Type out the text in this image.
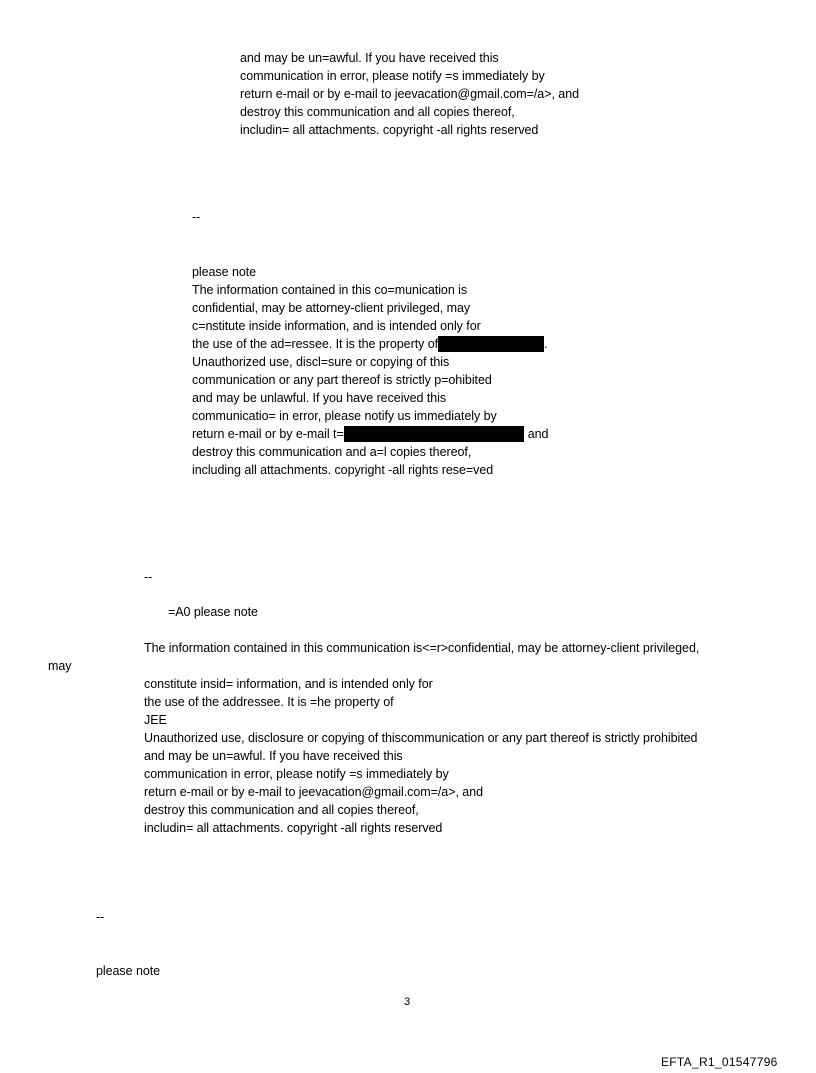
and may be un=awful. If you have received this
communication in error, please notify =s immediately by
return e-mail or by e-mail to jeevacation@gmail.com=/a>, and
destroy this communication and all copies thereof,
includin= all attachments. copyright -all rights reserved
--
please note
The information contained in this co=munication is
confidential, may be attorney-client privileged, may
c=nstitute inside information, and is intended only for
the use of the ad=ressee. It is the property of	.
Unauthorized use, discl=sure or copying of this
communication or any part thereof is strictly p=ohibited
and may be unlawful. If you have received this
communicatio= in error, please notify us immediately by
return e-mail or by e-mail t=	and
destroy this communication and a=l copies thereof,
including all attachments. copyright -all rights rese=ved
--
=A0 please note
The information contained in this communication is<=r>confidential, may be attorney-client privileged,
may
constitute insid= information, and is intended only for
the use of the addressee. It is =he property of
JEE
Unauthorized use, disclosure or copying of thiscommunication or any part thereof is strictly prohibited
and may be un=awful. If you have received this
communication in error, please notify =s immediately by
return e-mail or by e-mail to jeevacation@gmail.com=/a>, and
destroy this communication and all copies thereof,
includin= all attachments. copyright -all rights reserved
--
please note
3
EFTA_R1_01547796
